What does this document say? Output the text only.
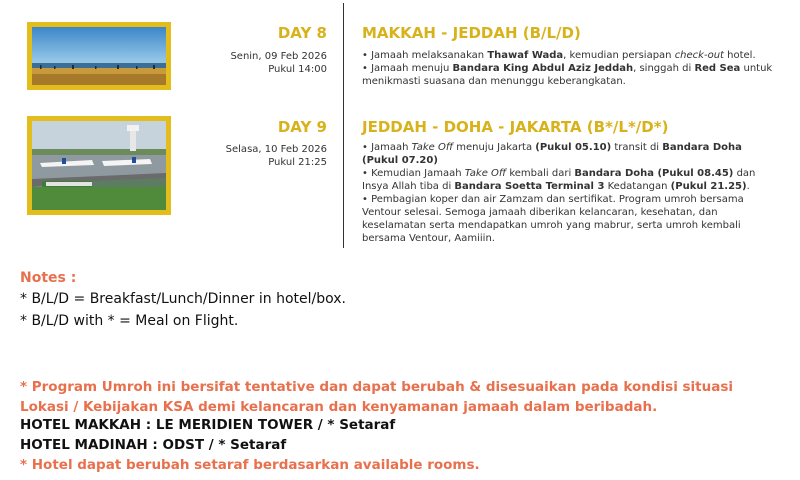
DAY 8
Senin, 09 Feb 2026
Pukul 14:00
MAKKAH - JEDDAH (B/L/D)

• Jamaah melaksanakan Thawaf Wada, kemudian persiapan check-out hotel.

• Jamaah menuju Bandara King Abdul Aziz Jeddah, singgah di Red Sea untuk menikmasti suasana dan menunggu keberangkatan.

DAY 9
Selasa, 10 Feb 2026
Pukul 21:25
JEDDAH - DOHA - JAKARTA (B*/L*/D*)

• Jamaah Take Off menuju Jakarta (Pukul 05.10) transit di Bandara Doha (Pukul 07.20)

• Kemudian Jamaah Take Off kembali dari Bandara Doha (Pukul 08.45) dan Insya Allah tiba di Bandara Soetta Terminal 3 Kedatangan (Pukul 21.25).

• Pembagian koper dan air Zamzam dan sertifikat. Program umroh bersama Ventour selesai. Semoga jamaah diberikan kelancaran, kesehatan, dan keselamatan serta mendapatkan umroh yang mabrur, serta umroh kembali bersama Ventour, Aamiiin.

Notes :
* B/L/D = Breakfast/Lunch/Dinner in hotel/box.
* B/L/D with * = Meal on Flight.
* Program Umroh ini bersifat tentative dan dapat berubah & disesuaikan pada kondisi situasi Lokasi / Kebijakan KSA demi kelancaran dan kenyamanan jamaah dalam beribadah.
HOTEL MAKKAH : LE MERIDIEN TOWER / * Setaraf
HOTEL MADINAH : ODST / * Setaraf
* Hotel dapat berubah setaraf berdasarkan available rooms.
